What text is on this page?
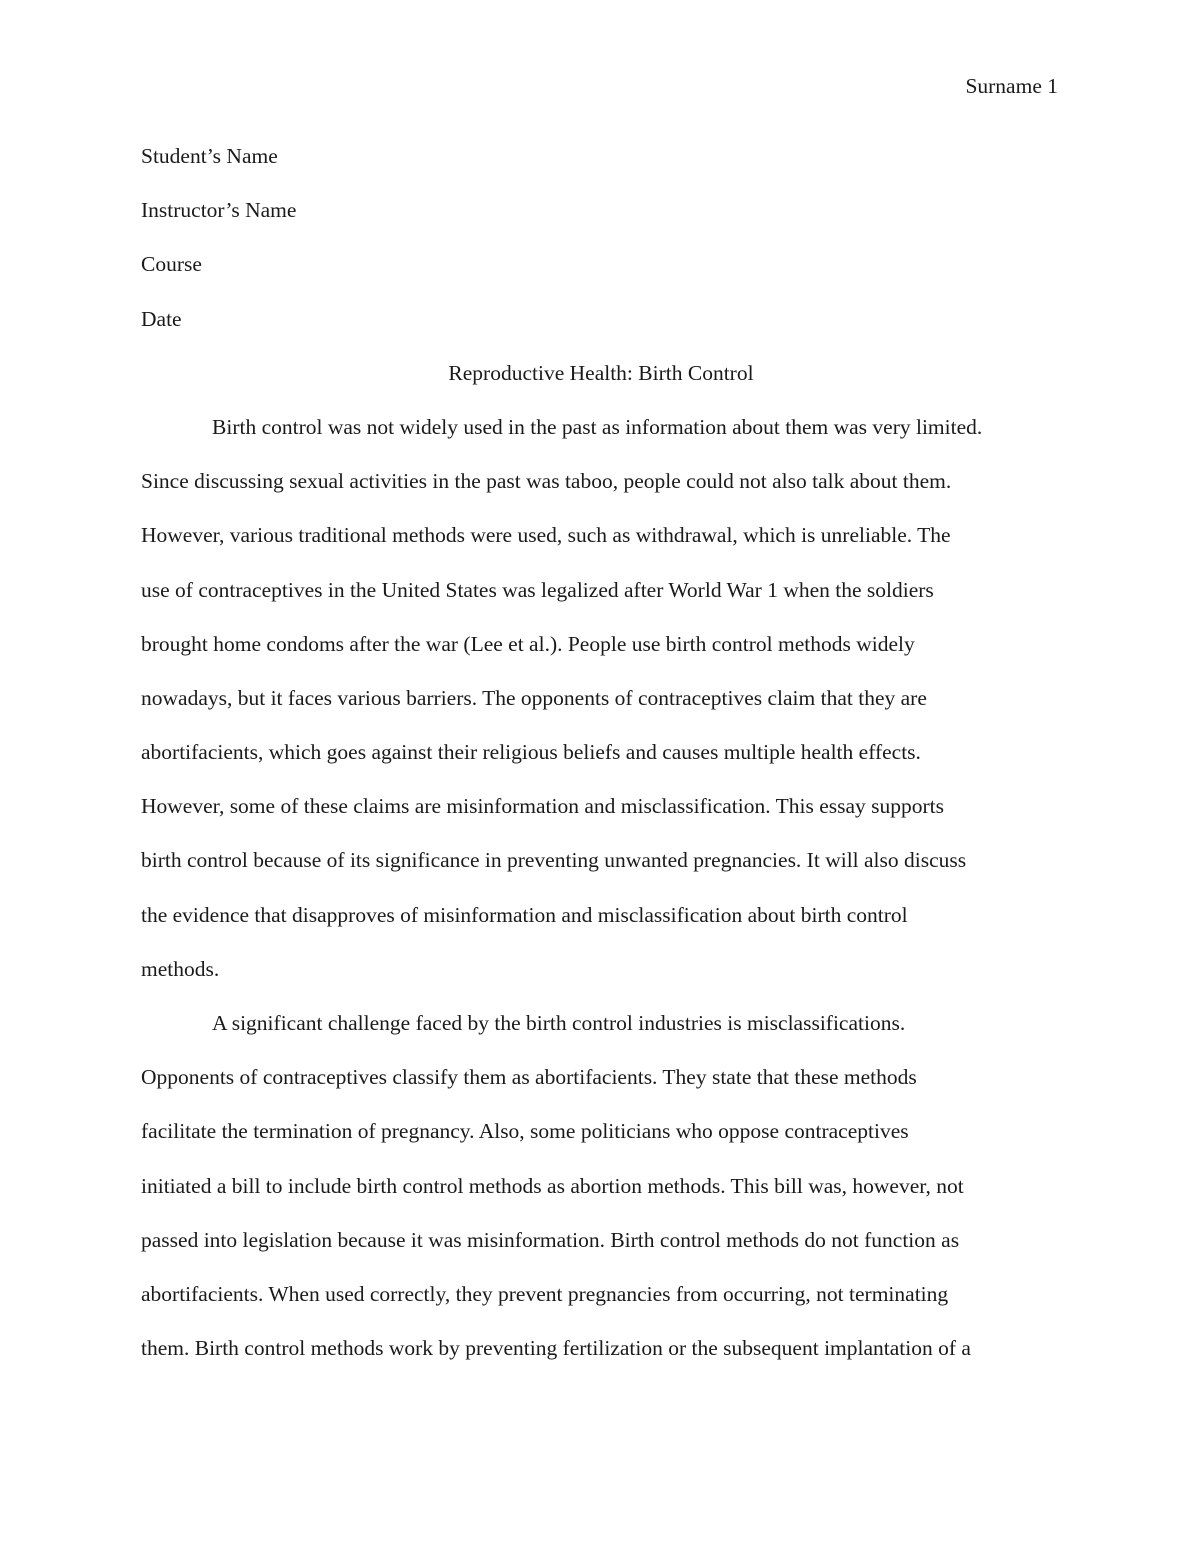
Surname 1
Student’s Name
Instructor’s Name
Course
Date
Reproductive Health: Birth Control
Birth control was not widely used in the past as information about them was very limited.
Since discussing sexual activities in the past was taboo, people could not also talk about them.
However, various traditional methods were used, such as withdrawal, which is unreliable. The
use of contraceptives in the United States was legalized after World War 1 when the soldiers
brought home condoms after the war (Lee et al.). People use birth control methods widely
nowadays, but it faces various barriers. The opponents of contraceptives claim that they are
abortifacients, which goes against their religious beliefs and causes multiple health effects.
However, some of these claims are misinformation and misclassification. This essay supports
birth control because of its significance in preventing unwanted pregnancies. It will also discuss
the evidence that disapproves of misinformation and misclassification about birth control
methods.
A significant challenge faced by the birth control industries is misclassifications.
Opponents of contraceptives classify them as abortifacients. They state that these methods
facilitate the termination of pregnancy. Also, some politicians who oppose contraceptives
initiated a bill to include birth control methods as abortion methods. This bill was, however, not
passed into legislation because it was misinformation. Birth control methods do not function as
abortifacients. When used correctly, they prevent pregnancies from occurring, not terminating
them. Birth control methods work by preventing fertilization or the subsequent implantation of a
